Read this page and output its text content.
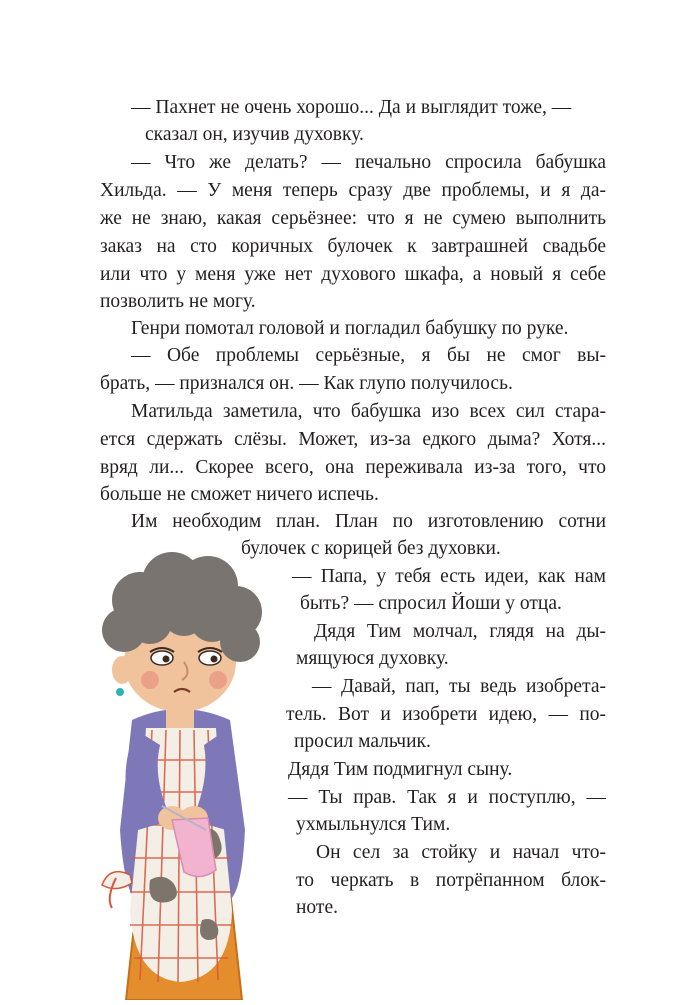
— Пахнет не очень хорошо... Да и выглядит тоже, —
сказал он, изучив духовку.
— Что же делать? — печально спросила бабушка
Хильда. — У меня теперь сразу две проблемы, и я да-
же не знаю, какая серьёзнее: что я не сумею выполнить
заказ на сто коричных булочек к завтрашней свадьбе
или что у меня уже нет духового шкафа, а новый я себе
позволить не могу.
Генри помотал головой и погладил бабушку по руке.
— Обе проблемы серьёзные, я бы не смог вы-
брать, — признался он. — Как глупо получилось.
Матильда заметила, что бабушка изо всех сил стара-
ется сдержать слёзы. Может, из-за едкого дыма? Хотя...
вряд ли... Скорее всего, она переживала из-за того, что
больше не сможет ничего испечь.
Им необходим план. План по изготовлению сотни
булочек с корицей без духовки.
— Папа, у тебя есть идеи, как нам
быть? — спросил Йоши у отца.
Дядя Тим молчал, глядя на ды-
мящуюся духовку.
— Давай, пап, ты ведь изобрета-
тель. Вот и изобрети идею, — по-
просил мальчик.
Дядя Тим подмигнул сыну.
— Ты прав. Так я и поступлю, —
ухмыльнулся Тим.
Он сел за стойку и начал что-
то черкать в потрёпанном блок-
ноте.
